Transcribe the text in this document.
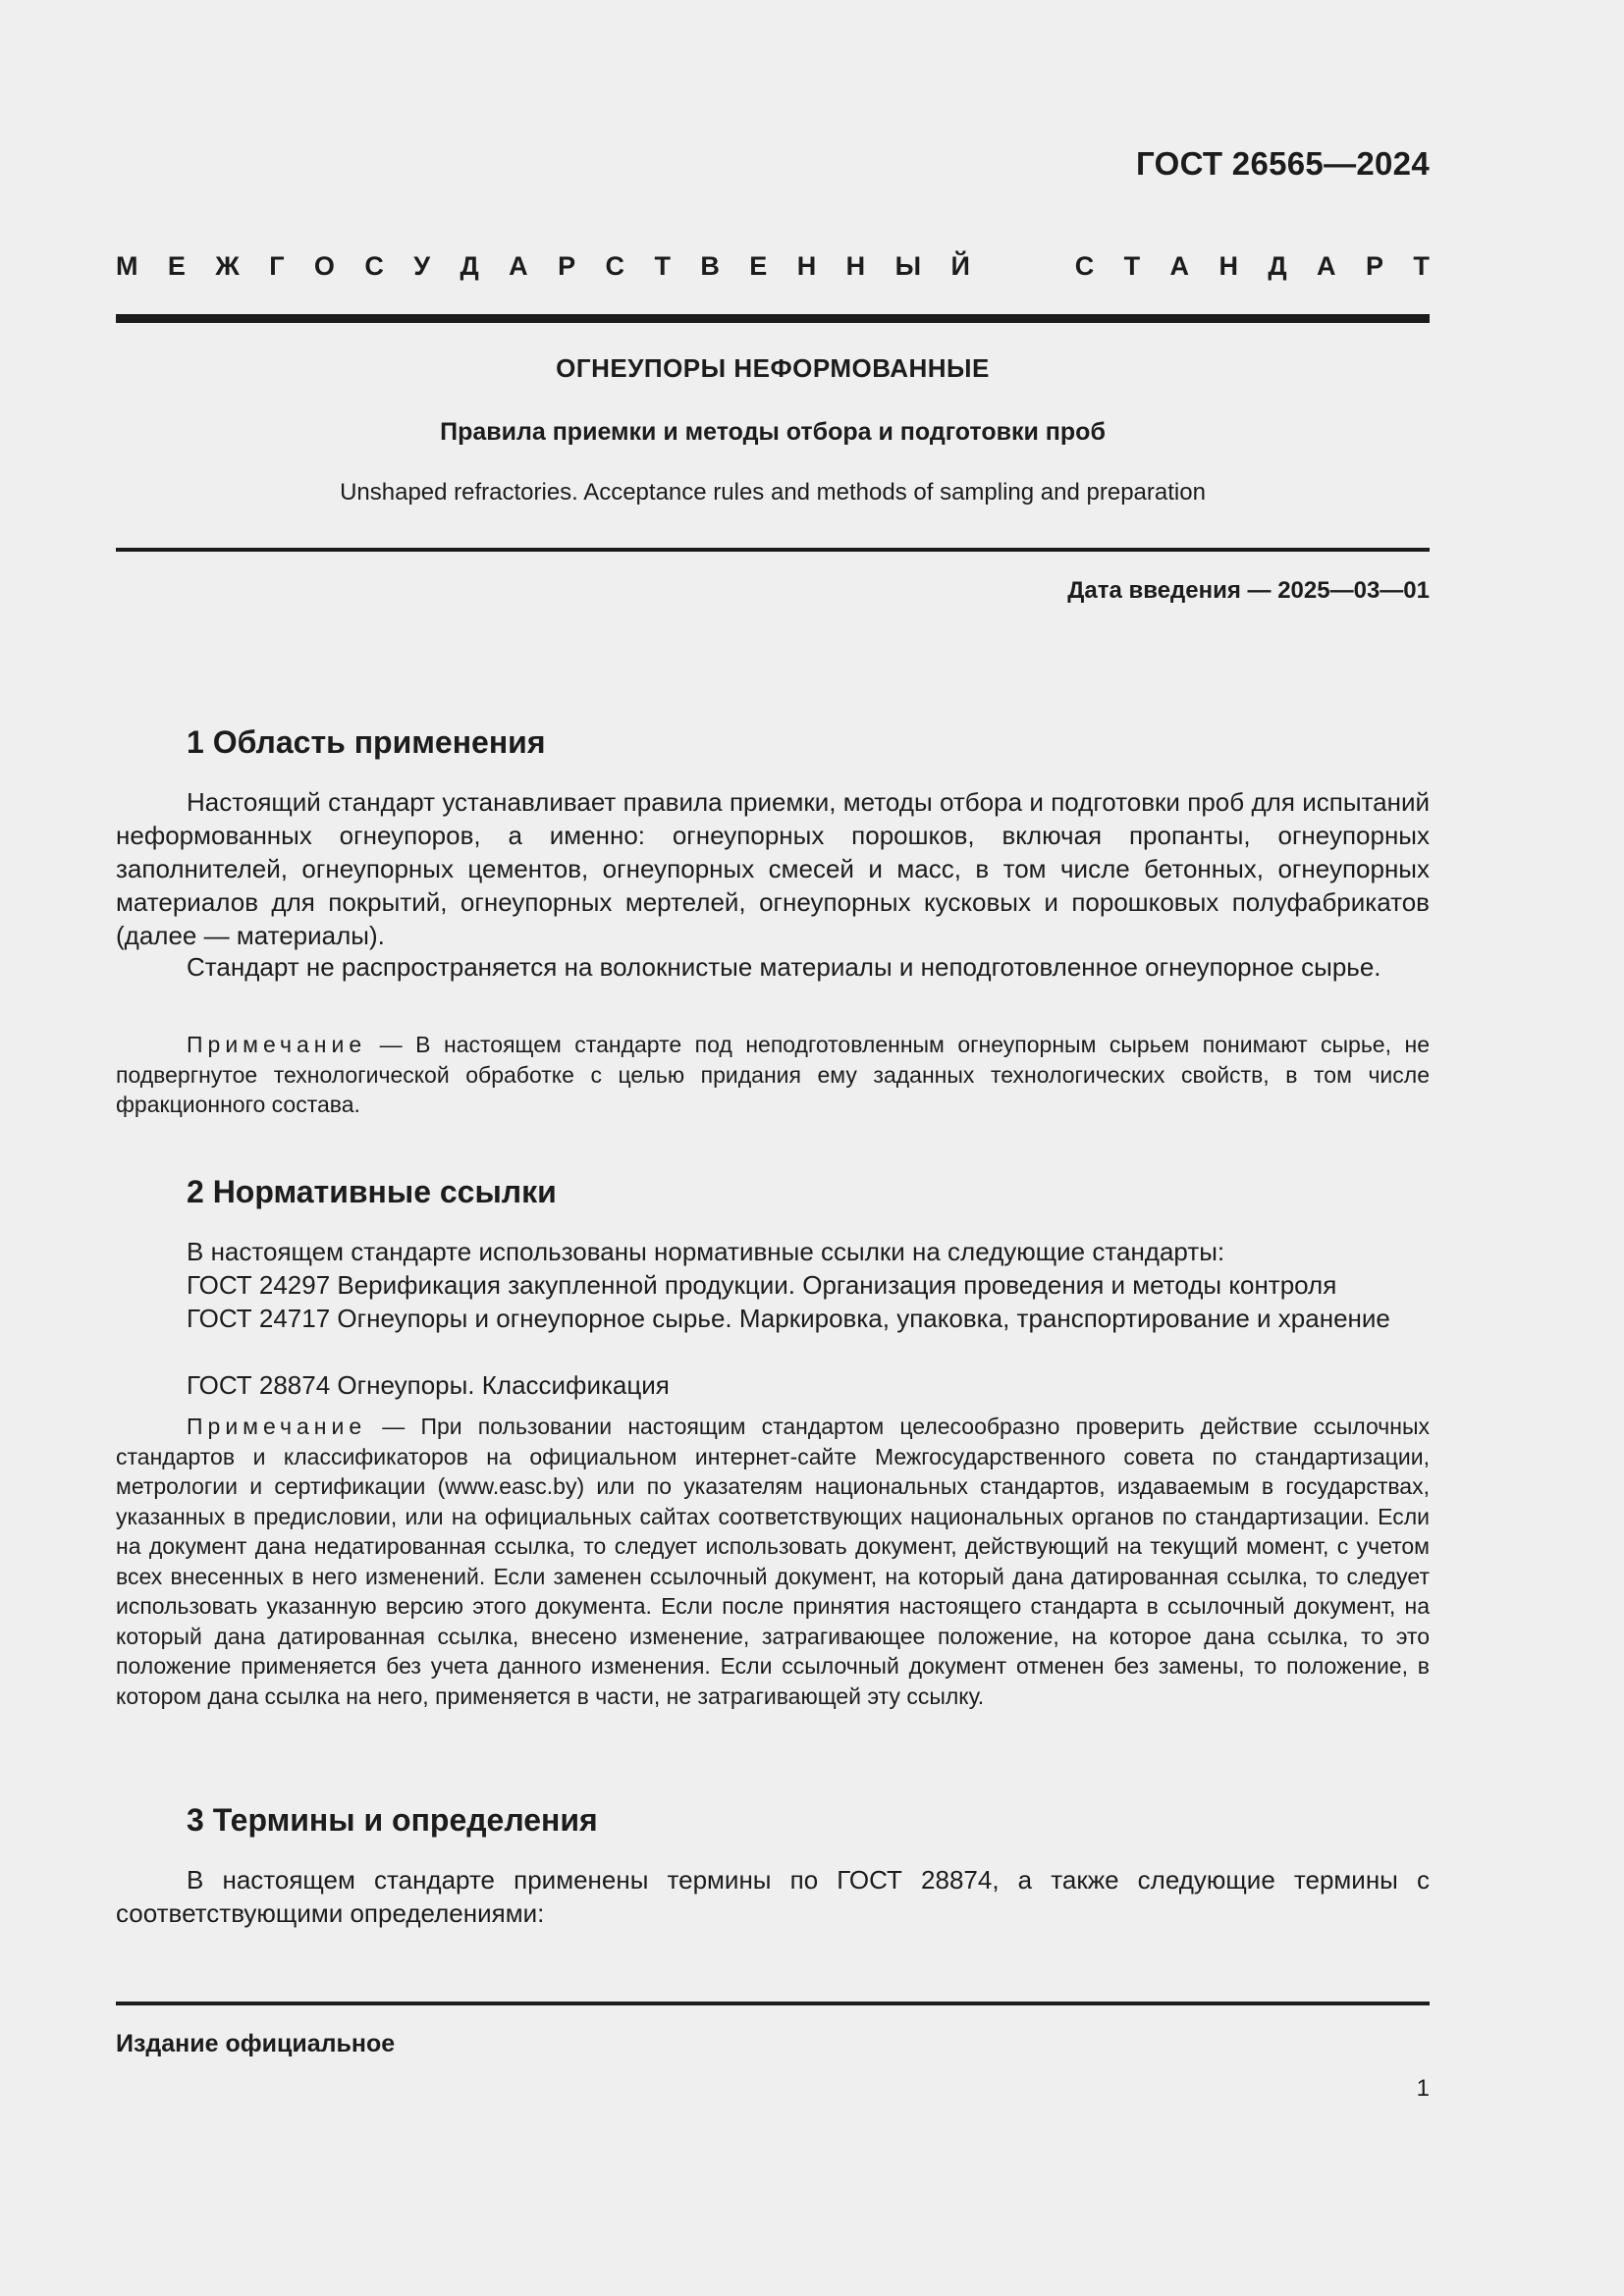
ГОСТ 26565—2024
М Е Ж Г О С У Д А Р С Т В Е Н Н Ы Й	С Т А Н Д А Р Т
ОГНЕУПОРЫ НЕФОРМОВАННЫЕ
Правила приемки и методы отбора и подготовки проб
Unshaped refractories. Acceptance rules and methods of sampling and preparation
Дата введения — 2025—03—01
1 Область применения
Настоящий стандарт устанавливает правила приемки, методы отбора и подготовки проб для испытаний неформованных огнеупоров, а именно: огнеупорных порошков, включая пропанты, огнеупорных заполнителей, огнеупорных цементов, огнеупорных смесей и масс, в том числе бетонных, огнеупорных материалов для покрытий, огнеупорных мертелей, огнеупорных кусковых и порошковых полуфабрикатов (далее — материалы).
Стандарт не распространяется на волокнистые материалы и неподготовленное огнеупорное сырье.
Примечание — В настоящем стандарте под неподготовленным огнеупорным сырьем понимают сырье, не подвергнутое технологической обработке с целью придания ему заданных технологических свойств, в том числе фракционного состава.
2 Нормативные ссылки
В настоящем стандарте использованы нормативные ссылки на следующие стандарты:
ГОСТ 24297 Верификация закупленной продукции. Организация проведения и методы контроля
ГОСТ 24717 Огнеупоры и огнеупорное сырье. Маркировка, упаковка, транспортирование и хранение
ГОСТ 28874 Огнеупоры. Классификация
Примечание — При пользовании настоящим стандартом целесообразно проверить действие ссылочных стандартов и классификаторов на официальном интернет-сайте Межгосударственного совета по стандартизации, метрологии и сертификации (www.easc.by) или по указателям национальных стандартов, издаваемым в государствах, указанных в предисловии, или на официальных сайтах соответствующих национальных органов по стандартизации. Если на документ дана недатированная ссылка, то следует использовать документ, действующий на текущий момент, с учетом всех внесенных в него изменений. Если заменен ссылочный документ, на который дана датированная ссылка, то следует использовать указанную версию этого документа. Если после принятия настоящего стандарта в ссылочный документ, на который дана датированная ссылка, внесено изменение, затрагивающее положение, на которое дана ссылка, то это положение применяется без учета данного изменения. Если ссылочный документ отменен без замены, то положение, в котором дана ссылка на него, применяется в части, не затрагивающей эту ссылку.
3 Термины и определения
В настоящем стандарте применены термины по ГОСТ 28874, а также следующие термины с соответствующими определениями:
Издание официальное
1
